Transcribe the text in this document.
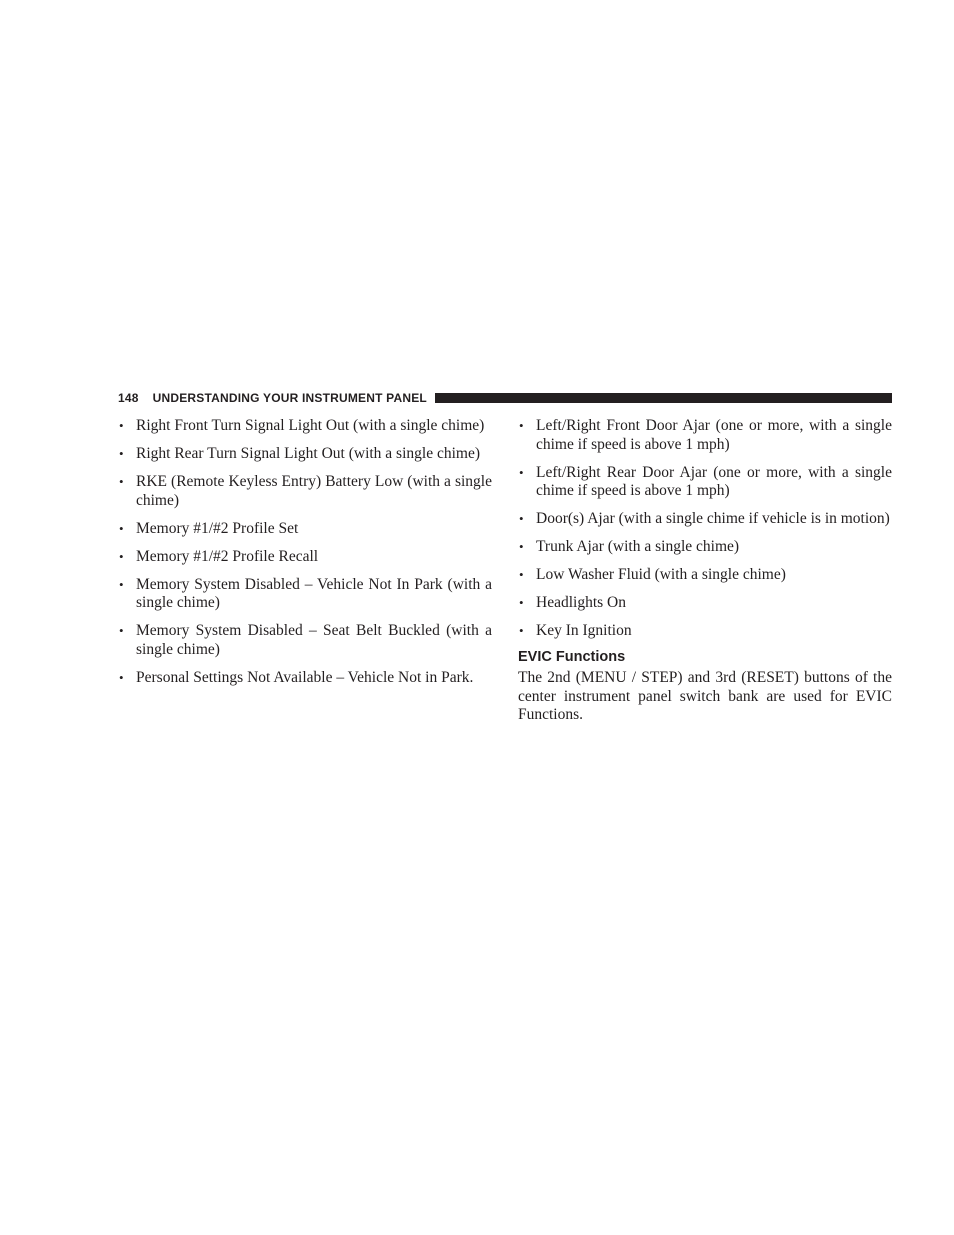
148 UNDERSTANDING YOUR INSTRUMENT PANEL
• Right Front Turn Signal Light Out (with a single chime)
• Right Rear Turn Signal Light Out (with a single chime)
• RKE (Remote Keyless Entry) Battery Low (with a single chime)
• Memory #1/#2 Profile Set
• Memory #1/#2 Profile Recall
• Memory System Disabled – Vehicle Not In Park (with a single chime)
• Memory System Disabled – Seat Belt Buckled (with a single chime)
• Personal Settings Not Available – Vehicle Not in Park.
• Left/Right Front Door Ajar (one or more, with a single chime if speed is above 1 mph)
• Left/Right Rear Door Ajar (one or more, with a single chime if speed is above 1 mph)
• Door(s) Ajar (with a single chime if vehicle is in motion)
• Trunk Ajar (with a single chime)
• Low Washer Fluid (with a single chime)
• Headlights On
• Key In Ignition
EVIC Functions

The 2nd (MENU / STEP) and 3rd (RESET) buttons of the center instrument panel switch bank are used for EVIC Functions.
